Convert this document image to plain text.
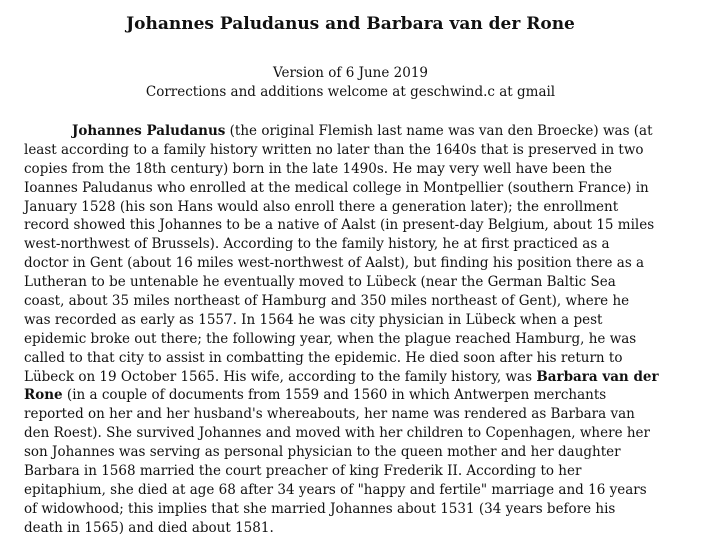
Johannes Paludanus and Barbara van der Rone
Version of 6 June 2019
Corrections and additions welcome at geschwind.c at gmail

Johannes Paludanus (the original Flemish last name was van den Broecke) was (at
least according to a family history written no later than the 1640s that is preserved in two
copies from the 18th century) born in the late 1490s. He may very well have been the
Ioannes Paludanus who enrolled at the medical college in Montpellier (southern France) in
January 1528 (his son Hans would also enroll there a generation later); the enrollment
record showed this Johannes to be a native of Aalst (in present-day Belgium, about 15 miles
west-northwest of Brussels). According to the family history, he at first practiced as a
doctor in Gent (about 16 miles west-northwest of Aalst), but finding his position there as a
Lutheran to be untenable he eventually moved to Lübeck (near the German Baltic Sea
coast, about 35 miles northeast of Hamburg and 350 miles northeast of Gent), where he
was recorded as early as 1557. In 1564 he was city physician in Lübeck when a pest
epidemic broke out there; the following year, when the plague reached Hamburg, he was
called to that city to assist in combatting the epidemic. He died soon after his return to
Lübeck on 19 October 1565. His wife, according to the family history, was Barbara van der
Rone (in a couple of documents from 1559 and 1560 in which Antwerpen merchants
reported on her and her husband's whereabouts, her name was rendered as Barbara van
den Roest). She survived Johannes and moved with her children to Copenhagen, where her
son Johannes was serving as personal physician to the queen mother and her daughter
Barbara in 1568 married the court preacher of king Frederik II. According to her
epitaphium, she died at age 68 after 34 years of "happy and fertile" marriage and 16 years
of widowhood; this implies that she married Johannes about 1531 (34 years before his
death in 1565) and died about 1581.
